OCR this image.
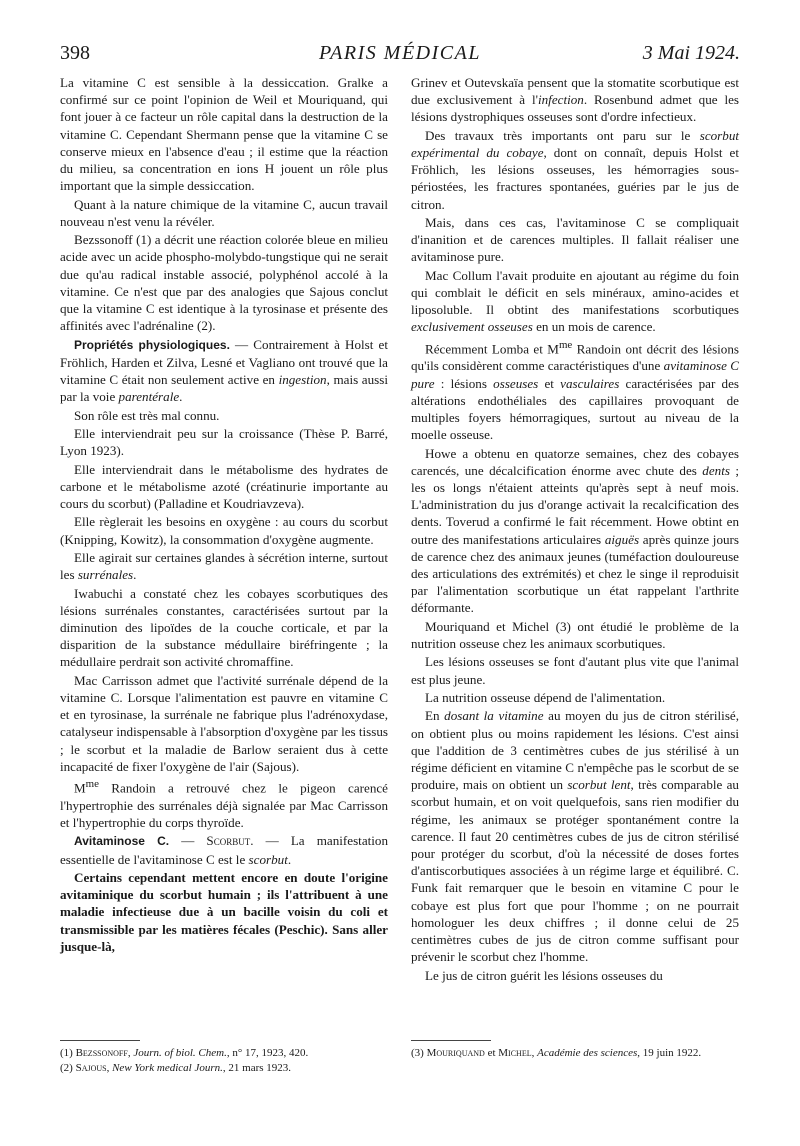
398	PARIS MÉDICAL	3 Mai 1924.

La vitamine C est sensible à la dessiccation. Gralke a confirmé sur ce point l'opinion de Weil et Mouriquand, qui font jouer à ce facteur un rôle capital dans la destruction de la vitamine C. Cependant Shermann pense que la vitamine C se conserve mieux en l'absence d'eau ; il estime que la réaction du milieu, sa concentration en ions H jouent un rôle plus important que la simple dessiccation.

Quant à la nature chimique de la vitamine C, aucun travail nouveau n'est venu la révéler.

Bezssonoff (1) a décrit une réaction colorée bleue en milieu acide avec un acide phospho-molybdo-tungstique qui ne serait due qu'au radical instable associé, polyphénol accolé à la vitamine. Ce n'est que par des analogies que Sajous conclut que la vitamine C est identique à la tyrosinase et présente des affinités avec l'adrénaline (2).

Propriétés physiologiques. — Contrairement à Holst et Fröhlich, Harden et Zilva, Lesné et Vagliano ont trouvé que la vitamine C était non seulement active en ingestion, mais aussi par la voie parentérale.

Son rôle est très mal connu.

Elle interviendrait peu sur la croissance (Thèse P. Barré, Lyon 1923).

Elle interviendrait dans le métabolisme des hydrates de carbone et le métabolisme azoté (créatinurie importante au cours du scorbut) (Palladine et Koudriavzeva).

Elle règlerait les besoins en oxygène : au cours du scorbut (Knipping, Kowitz), la consommation d'oxygène augmente.

Elle agirait sur certaines glandes à sécrétion interne, surtout les surrénales.

Iwabuchi a constaté chez les cobayes scorbutiques des lésions surrénales constantes, caractérisées surtout par la diminution des lipoïdes de la couche corticale, et par la disparition de la substance médullaire biréfringente ; la médullaire perdrait son activité chromaffine.

Mac Carrisson admet que l'activité surrénale dépend de la vitamine C. Lorsque l'alimentation est pauvre en vitamine C et en tyrosinase, la surrénale ne fabrique plus l'adrénoxydase, catalyseur indispensable à l'absorption d'oxygène par les tissus ; le scorbut et la maladie de Barlow seraient dus à cette incapacité de fixer l'oxygène de l'air (Sajous).

$M^{me}$ Randoin a retrouvé chez le pigeon carencé l'hypertrophie des surrénales déjà signalée par Mac Carrisson et l'hypertrophie du corps thyroïde.

Avitaminose C. — Scorbut. — La manifestation essentielle de l'avitaminose C est le scorbut.

Certains cependant mettent encore en doute l'origine avitaminique du scorbut humain ; ils l'attribuent à une maladie infectieuse due à un bacille voisin du coli et transmissible par les matières fécales (Peschic). Sans aller jusque-là,

Grinev et Outevskaïa pensent que la stomatite scorbutique est due exclusivement à l'infection. Rosenbund admet que les lésions dystrophiques osseuses sont d'ordre infectieux.

Des travaux très importants ont paru sur le scorbut expérimental du cobaye, dont on connaît, depuis Holst et Fröhlich, les lésions osseuses, les hémorragies sous-périostées, les fractures spontanées, guéries par le jus de citron.

Mais, dans ces cas, l'avitaminose C se compliquait d'inanition et de carences multiples. Il fallait réaliser une avitaminose pure.

Mac Collum l'avait produite en ajoutant au régime du foin qui comblait le déficit en sels minéraux, amino-acides et liposoluble. Il obtint des manifestations scorbutiques exclusivement osseuses en un mois de carence.

Récemment Lomba et $M^{me}$ Randoin ont décrit des lésions qu'ils considèrent comme caractéristiques d'une avitaminose C pure : lésions osseuses et vasculaires caractérisées par des altérations endothéliales des capillaires provoquant de multiples foyers hémorragiques, surtout au niveau de la moelle osseuse.

Howe a obtenu en quatorze semaines, chez des cobayes carencés, une décalcification énorme avec chute des dents ; les os longs n'étaient atteints qu'après sept à neuf mois. L'administration du jus d'orange activait la recalcification des dents. Toverud a confirmé le fait récemment. Howe obtint en outre des manifestations articulaires aiguës après quinze jours de carence chez des animaux jeunes (tuméfaction douloureuse des articulations des extrémités) et chez le singe il reproduisit par l'alimentation scorbutique un état rappelant l'arthrite déformante.

Mouriquand et Michel (3) ont étudié le problème de la nutrition osseuse chez les animaux scorbutiques.

Les lésions osseuses se font d'autant plus vite que l'animal est plus jeune.

La nutrition osseuse dépend de l'alimentation.

En dosant la vitamine au moyen du jus de citron stérilisé, on obtient plus ou moins rapidement les lésions. C'est ainsi que l'addition de 3 centimètres cubes de jus stérilisé à un régime déficient en vitamine C n'empêche pas le scorbut de se produire, mais on obtient un scorbut lent, très comparable au scorbut humain, et on voit quelquefois, sans rien modifier du régime, les animaux se protéger spontanément contre la carence. Il faut 20 centimètres cubes de jus de citron stérilisé pour protéger du scorbut, d'où la nécessité de doses fortes d'antiscorbutiques associées à un régime large et équilibré. C. Funk fait remarquer que le besoin en vitamine C pour le cobaye est plus fort que pour l'homme ; on ne pourrait homologuer les deux chiffres ; il donne celui de 25 centimètres cubes de jus de citron comme suffisant pour prévenir le scorbut chez l'homme.

Le jus de citron guérit les lésions osseuses du

(1) Bezssonoff, Journ. of biol. Chem., n° 17, 1923, 420.
(2) Sajous, New York medical Journ., 21 mars 1923.
(3) Mouriquand et Michel, Académie des sciences, 19 juin 1922.
